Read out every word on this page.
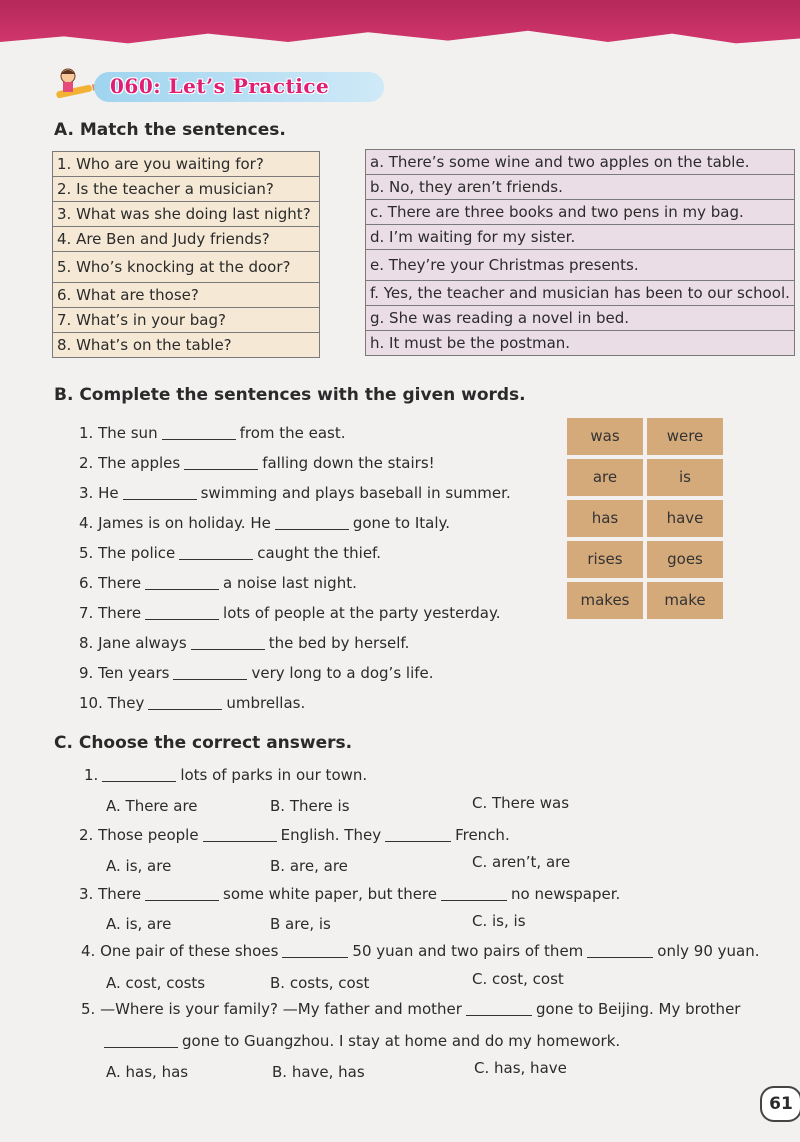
060: Let’s Practice
A. Match the sentences.
1. Who are you waiting for?
2. Is the teacher a musician?
3. What was she doing last night?
4. Are Ben and Judy friends?
5. Who’s knocking at the door?
6. What are those?
7. What’s in your bag?
8. What’s on the table?
a. There’s some wine and two apples on the table.
b. No, they aren’t friends.
c. There are three books and two pens in my bag.
d. I’m waiting for my sister.
e. They’re your Christmas presents.
f. Yes, the teacher and musician has been to our school.
g. She was reading a novel in bed.
h. It must be the postman.
B. Complete the sentences with the given words.
1. The sun	from the east.
2. The apples	falling down the stairs!
3. He	swimming and plays baseball in summer.
4. James is on holiday. He	gone to Italy.
5. The police	caught the thief.
6. There	a noise last night.
7. There	lots of people at the party yesterday.
8. Jane always	the bed by herself.
9. Ten years	very long to a dog’s life.
10. They	umbrellas.
was	were
are	is
has	have
rises	goes
makes	make
C. Choose the correct answers.
1.	lots of parks in our town.
A. There are	B. There is	C. There was
2. Those people	English. They	French.
A. is, are	B. are, are	C. aren’t, are
3. There	some white paper, but there	no newspaper.
A. is, are	B are, is	C. is, is
4. One pair of these shoes	50 yuan and two pairs of them	only 90 yuan.
A. cost, costs	B. costs, cost	C. cost, cost
5. —Where is your family? —My father and mother	gone to Beijing. My brother
gone to Guangzhou. I stay at home and do my homework.
A. has, has	B. have, has	C. has, have
61
